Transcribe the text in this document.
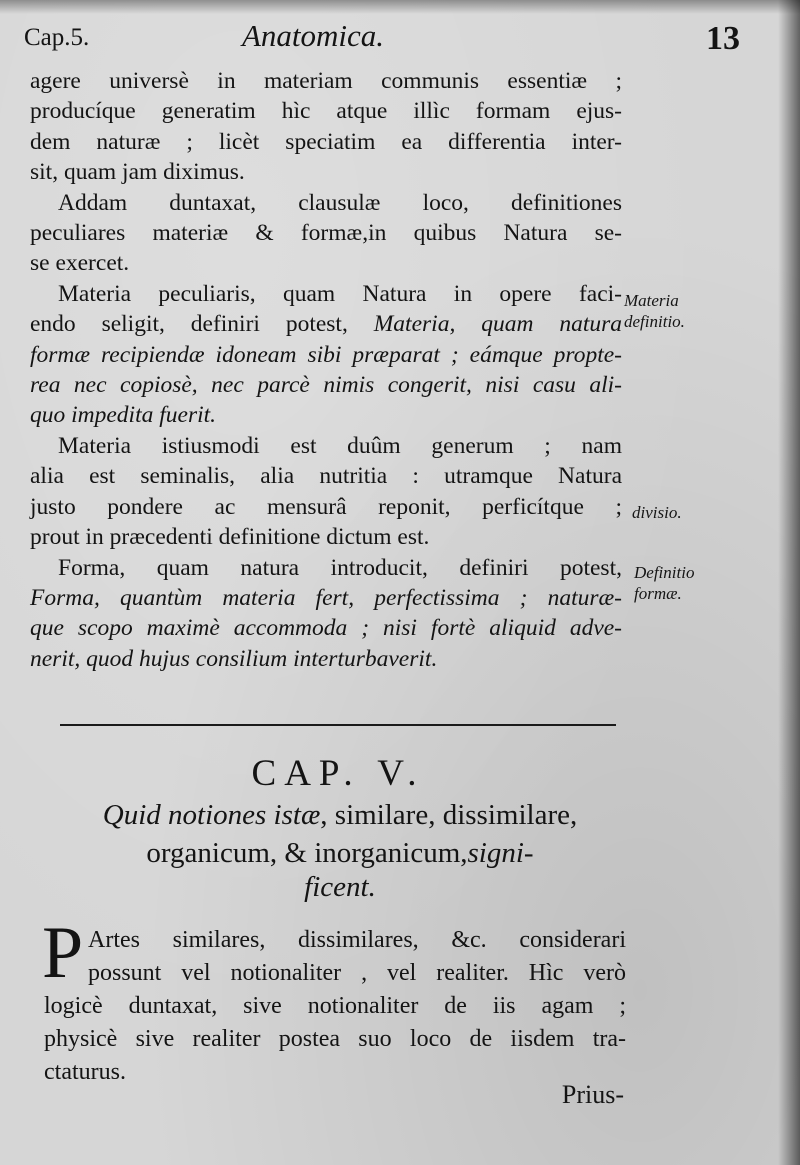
Cap.5.	Anatomica.	13

agere universè in materiam communis essentiæ ;
producíque generatim hìc atque illìc formam ejus-
dem naturæ ; licèt speciatim ea differentia inter-
sit, quam jam diximus.

Addam duntaxat, clausulæ loco, definitiones
peculiares materiæ & formæ,in quibus Natura se-
se exercet.

Materia peculiaris, quam Natura in opere faci-
endo seligit, definiri potest, Materia, quam natura
formæ recipiendæ idoneam sibi præparat ; eámque propte-
rea nec copiosè, nec parcè nimis congerit, nisi casu ali-
quo impedita fuerit.

Materia istiusmodi est duûm generum ; nam
alia est seminalis, alia nutritia : utramque Natura
justo pondere ac mensurâ reponit, perficítque ;
prout in præcedenti definitione dictum est.

Forma, quam natura introducit, definiri potest,
Forma, quantùm materia fert, perfectissima ; naturæ-
que scopo maximè accommoda ; nisi fortè aliquid adve-
nerit, quod hujus consilium interturbaverit.

Materia
definitio.
divisio.
Definitio
formæ.
CAP. V.
Quid notiones istæ, similare, dissimilare,
organicum, & inorganicum,signi-
ficent.
P Artes similares, dissimilares, &c. considerari
possunt vel notionaliter , vel realiter. Hìc verò
logicè duntaxat, sive notionaliter de iis agam ;
physicè sive realiter postea suo loco de iisdem tra-
ctaturus.
Prius-
